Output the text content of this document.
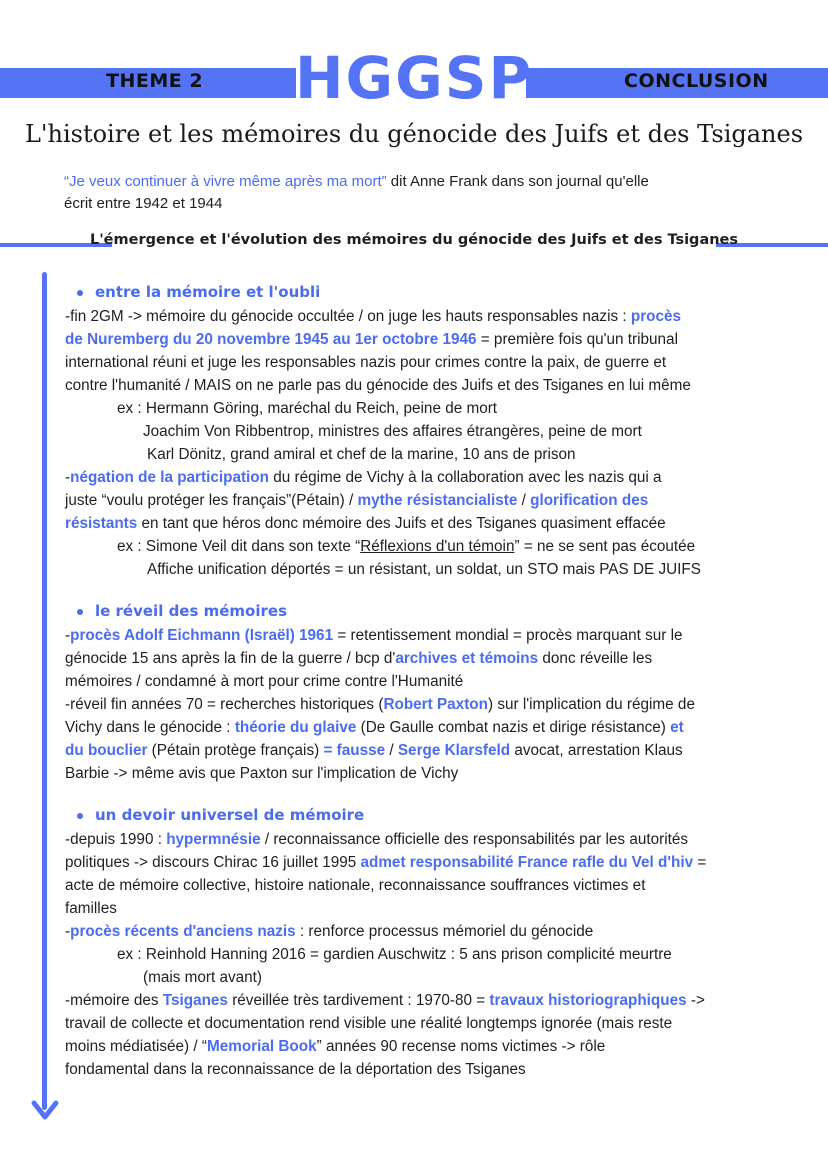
THEME 2	CONCLUSION
HGGSP
L'histoire et les mémoires du génocide des Juifs et des Tsiganes
“Je veux continuer à vivre même après ma mort” dit Anne Frank dans son journal qu'elle
écrit entre 1942 et 1944
L'émergence et l'évolution des mémoires du génocide des Juifs et des Tsiganes
entre la mémoire et l'oubli
-fin 2GM -> mémoire du génocide occultée / on juge les hauts responsables nazis : procès
de Nuremberg du 20 novembre 1945 au 1er octobre 1946 = première fois qu'un tribunal
international réuni et juge les responsables nazis pour crimes contre la paix, de guerre et
contre l'humanité / MAIS on ne parle pas du génocide des Juifs et des Tsiganes en lui même
ex : Hermann Göring, maréchal du Reich, peine de mort
Joachim Von Ribbentrop, ministres des affaires étrangères, peine de mort
Karl Dönitz, grand amiral et chef de la marine, 10 ans de prison
-négation de la participation du régime de Vichy à la collaboration avec les nazis qui a
juste “voulu protéger les français”(Pétain) / mythe résistancialiste / glorification des
résistants en tant que héros donc mémoire des Juifs et des Tsiganes quasiment effacée
ex : Simone Veil dit dans son texte “Réflexions d'un témoin” = ne se sent pas écoutée
Affiche unification déportés = un résistant, un soldat, un STO mais PAS DE JUIFS
le réveil des mémoires
-procès Adolf Eichmann (Israël) 1961 = retentissement mondial = procès marquant sur le
génocide 15 ans après la fin de la guerre / bcp d'archives et témoins donc réveille les
mémoires / condamné à mort pour crime contre l'Humanité
-réveil fin années 70 = recherches historiques (Robert Paxton) sur l'implication du régime de
Vichy dans le génocide : théorie du glaive (De Gaulle combat nazis et dirige résistance) et
du bouclier (Pétain protège français) = fausse / Serge Klarsfeld avocat, arrestation Klaus
Barbie -> même avis que Paxton sur l'implication de Vichy
un devoir universel de mémoire
-depuis 1990 : hypermnésie / reconnaissance officielle des responsabilités par les autorités
politiques -> discours Chirac 16 juillet 1995 admet responsabilité France rafle du Vel d'hiv =
acte de mémoire collective, histoire nationale, reconnaissance souffrances victimes et
familles
-procès récents d'anciens nazis : renforce processus mémoriel du génocide
ex : Reinhold Hanning 2016 = gardien Auschwitz : 5 ans prison complicité meurtre
(mais mort avant)
-mémoire des Tsiganes réveillée très tardivement : 1970-80 = travaux historiographiques ->
travail de collecte et documentation rend visible une réalité longtemps ignorée (mais reste
moins médiatisée) / “Memorial Book” années 90 recense noms victimes -> rôle
fondamental dans la reconnaissance de la déportation des Tsiganes
